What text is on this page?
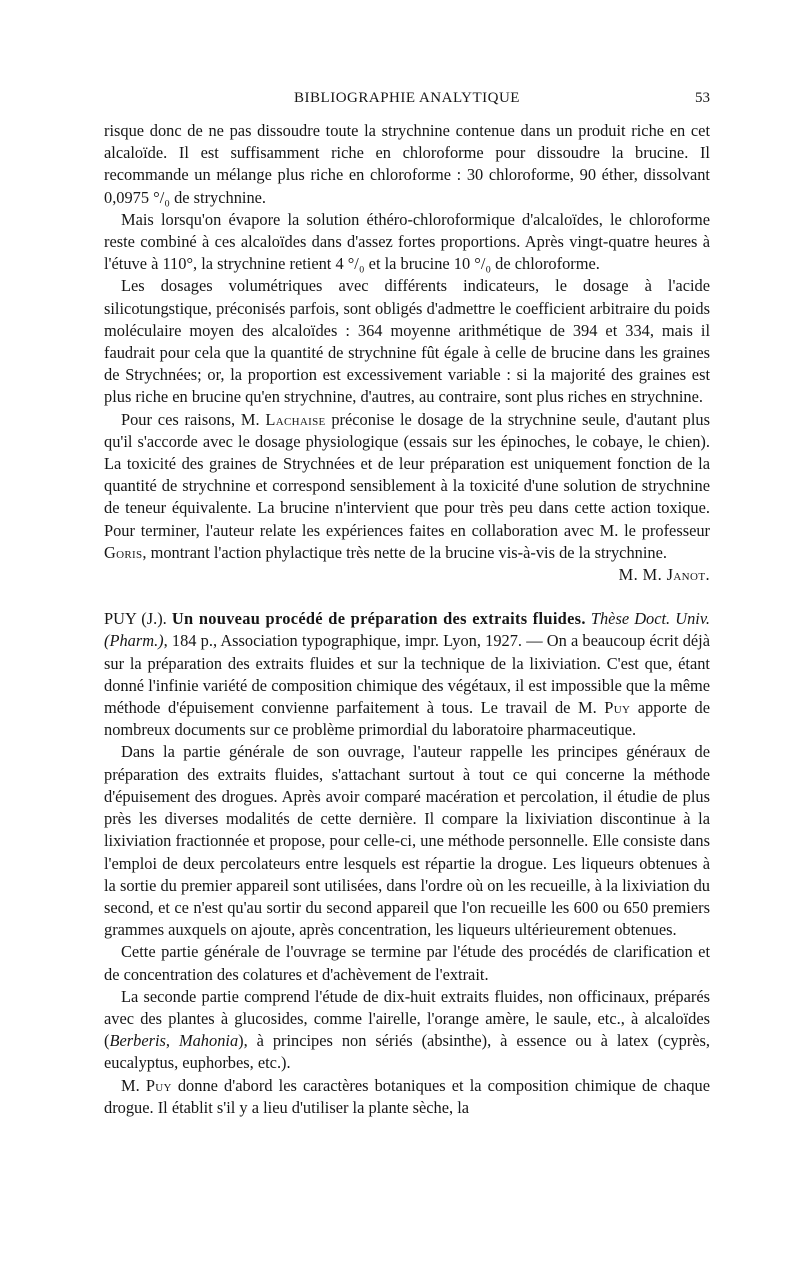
BIBLIOGRAPHIE ANALYTIQUE	53

risque donc de ne pas dissoudre toute la strychnine contenue dans un produit riche en cet alcaloïde. Il est suffisamment riche en chloroforme pour dissoudre la brucine. Il recommande un mélange plus riche en chloroforme : 30 chloroforme, 90 éther, dissolvant 0,0975 °/₀ de strychnine.

Mais lorsqu'on évapore la solution éthéro-chloroformique d'alcaloïdes, le chloroforme reste combiné à ces alcaloïdes dans d'assez fortes proportions. Après vingt-quatre heures à l'étuve à 110°, la strychnine retient 4 °/₀ et la brucine 10 °/₀ de chloroforme.

Les dosages volumétriques avec différents indicateurs, le dosage à l'acide silicotungstique, préconisés parfois, sont obligés d'admettre le coefficient arbitraire du poids moléculaire moyen des alcaloïdes : 364 moyenne arithmétique de 394 et 334, mais il faudrait pour cela que la quantité de strychnine fût égale à celle de brucine dans les graines de Strychnées; or, la proportion est excessivement variable : si la majorité des graines est plus riche en brucine qu'en strychnine, d'autres, au contraire, sont plus riches en strychnine.

Pour ces raisons, M. Lachaise préconise le dosage de la strychnine seule, d'autant plus qu'il s'accorde avec le dosage physiologique (essais sur les épinoches, le cobaye, le chien). La toxicité des graines de Strychnées et de leur préparation est uniquement fonction de la quantité de strychnine et correspond sensiblement à la toxicité d'une solution de strychnine de teneur équivalente. La brucine n'intervient que pour très peu dans cette action toxique. Pour terminer, l'auteur relate les expériences faites en collaboration avec M. le professeur Goris, montrant l'action phylactique très nette de la brucine vis-à-vis de la strychnine.

M. M. Janot.

PUY (J.). Un nouveau procédé de préparation des extraits fluides. Thèse Doct. Univ. (Pharm.), 184 p., Association typographique, impr. Lyon, 1927. — On a beaucoup écrit déjà sur la préparation des extraits fluides et sur la technique de la lixiviation. C'est que, étant donné l'infinie variété de composition chimique des végétaux, il est impossible que la même méthode d'épuisement convienne parfaitement à tous. Le travail de M. Puy apporte de nombreux documents sur ce problème primordial du laboratoire pharmaceutique.

Dans la partie générale de son ouvrage, l'auteur rappelle les principes généraux de préparation des extraits fluides, s'attachant surtout à tout ce qui concerne la méthode d'épuisement des drogues. Après avoir comparé macération et percolation, il étudie de plus près les diverses modalités de cette dernière. Il compare la lixiviation discontinue à la lixiviation fractionnée et propose, pour celle-ci, une méthode personnelle. Elle consiste dans l'emploi de deux percolateurs entre lesquels est répartie la drogue. Les liqueurs obtenues à la sortie du premier appareil sont utilisées, dans l'ordre où on les recueille, à la lixiviation du second, et ce n'est qu'au sortir du second appareil que l'on recueille les 600 ou 650 premiers grammes auxquels on ajoute, après concentration, les liqueurs ultérieurement obtenues.

Cette partie générale de l'ouvrage se termine par l'étude des procédés de clarification et de concentration des colatures et d'achèvement de l'extrait.

La seconde partie comprend l'étude de dix-huit extraits fluides, non officinaux, préparés avec des plantes à glucosides, comme l'airelle, l'orange amère, le saule, etc., à alcaloïdes (Berberis, Mahonia), à principes non sériés (absinthe), à essence ou à latex (cyprès, eucalyptus, euphorbes, etc.).

M. Puy donne d'abord les caractères botaniques et la composition chimique de chaque drogue. Il établit s'il y a lieu d'utiliser la plante sèche, la
